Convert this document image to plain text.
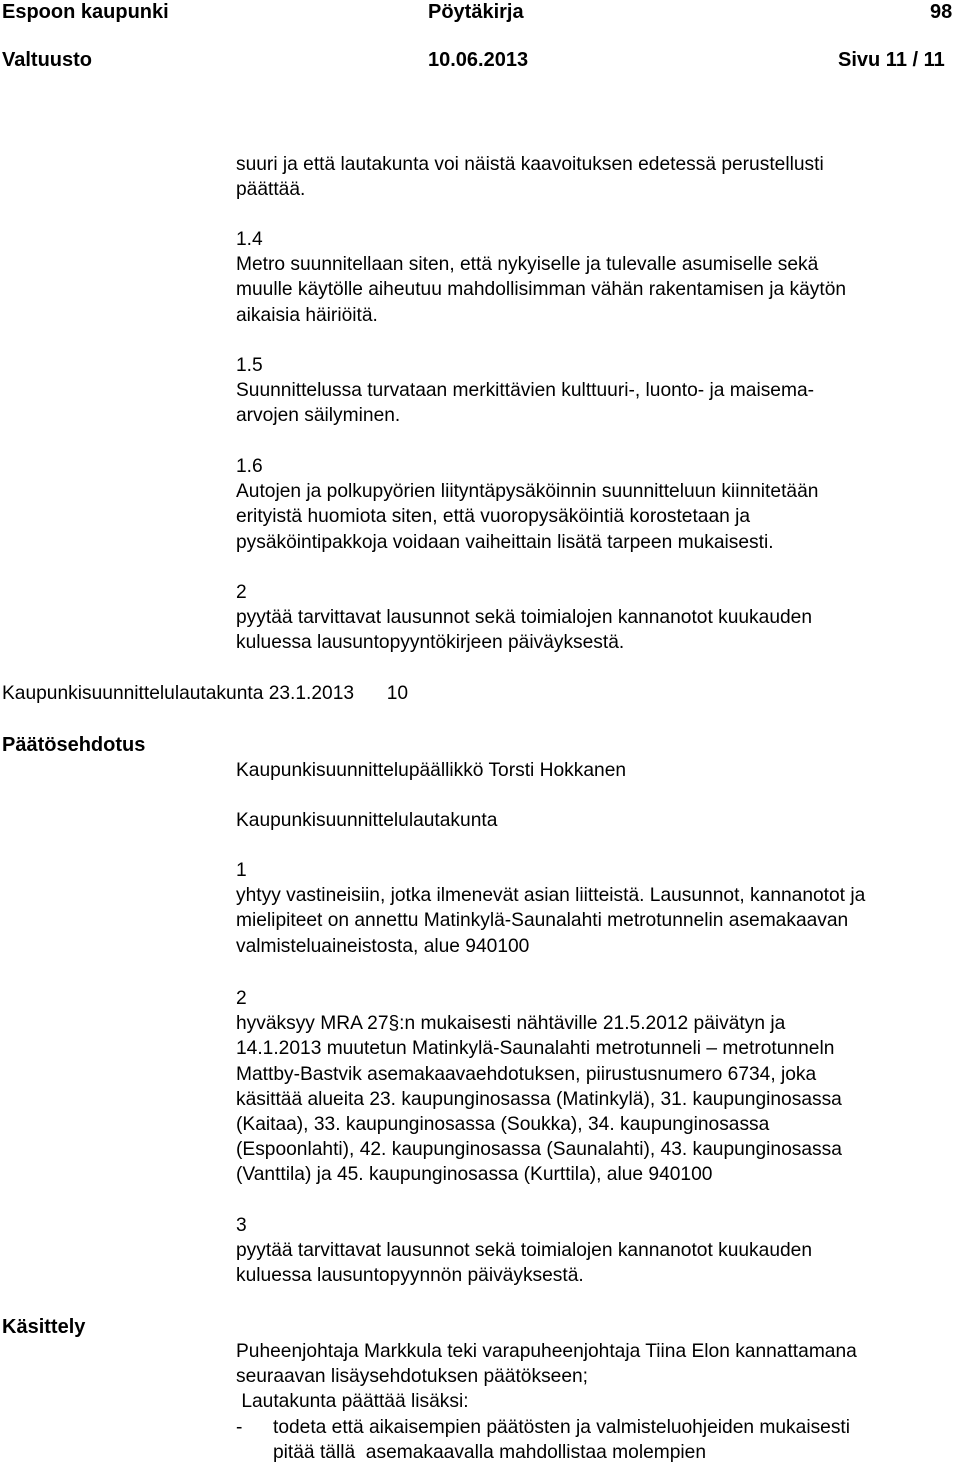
Espoon kaupunki	Pöytäkirja	98
Valtuusto	10.06.2013	Sivu 11 / 11
suuri ja että lautakunta voi näistä kaavoituksen edetessä perustellusti
päättää.
1.4
Metro suunnitellaan siten, että nykyiselle ja tulevalle asumiselle sekä
muulle käytölle aiheutuu mahdollisimman vähän rakentamisen ja käytön
aikaisia häiriöitä.
1.5
Suunnittelussa turvataan merkittävien kulttuuri-, luonto- ja maisema-
arvojen säilyminen.
1.6
Autojen ja polkupyörien liityntäpysäköinnin suunnitteluun kiinnitetään
erityistä huomiota siten, että vuoropysäköintiä korostetaan ja
pysäköintipakkoja voidaan vaiheittain lisätä tarpeen mukaisesti.
2
pyytää tarvittavat lausunnot sekä toimialojen kannanotot kuukauden
kuluessa lausuntopyyntökirjeen päiväyksestä.
Kaupunkisuunnittelulautakunta 23.1.2013 10
Päätösehdotus
Kaupunkisuunnittelupäällikkö Torsti Hokkanen
Kaupunkisuunnittelulautakunta
1
yhtyy vastineisiin, jotka ilmenevät asian liitteistä. Lausunnot, kannanotot ja
mielipiteet on annettu Matinkylä-Saunalahti metrotunnelin asemakaavan
valmisteluaineistosta, alue 940100
2
hyväksyy MRA 27§:n mukaisesti nähtäville 21.5.2012 päivätyn ja
14.1.2013 muutetun Matinkylä-Saunalahti metrotunneli – metrotunneln
Mattby-Bastvik asemakaavaehdotuksen, piirustusnumero 6734, joka
käsittää alueita 23. kaupunginosassa (Matinkylä), 31. kaupunginosassa
(Kaitaa), 33. kaupunginosassa (Soukka), 34. kaupunginosassa
(Espoonlahti), 42. kaupunginosassa (Saunalahti), 43. kaupunginosassa
(Vanttila) ja 45. kaupunginosassa (Kurttila), alue 940100
3
pyytää tarvittavat lausunnot sekä toimialojen kannanotot kuukauden
kuluessa lausuntopyynnön päiväyksestä.
Käsittely
Puheenjohtaja Markkula teki varapuheenjohtaja Tiina Elon kannattamana
seuraavan lisäysehdotuksen päätökseen;
Lautakunta päättää lisäksi:
- todeta että aikaisempien päätösten ja valmisteluohjeiden mukaisesti
pitää tällä  asemakaavalla mahdollistaa molempien
